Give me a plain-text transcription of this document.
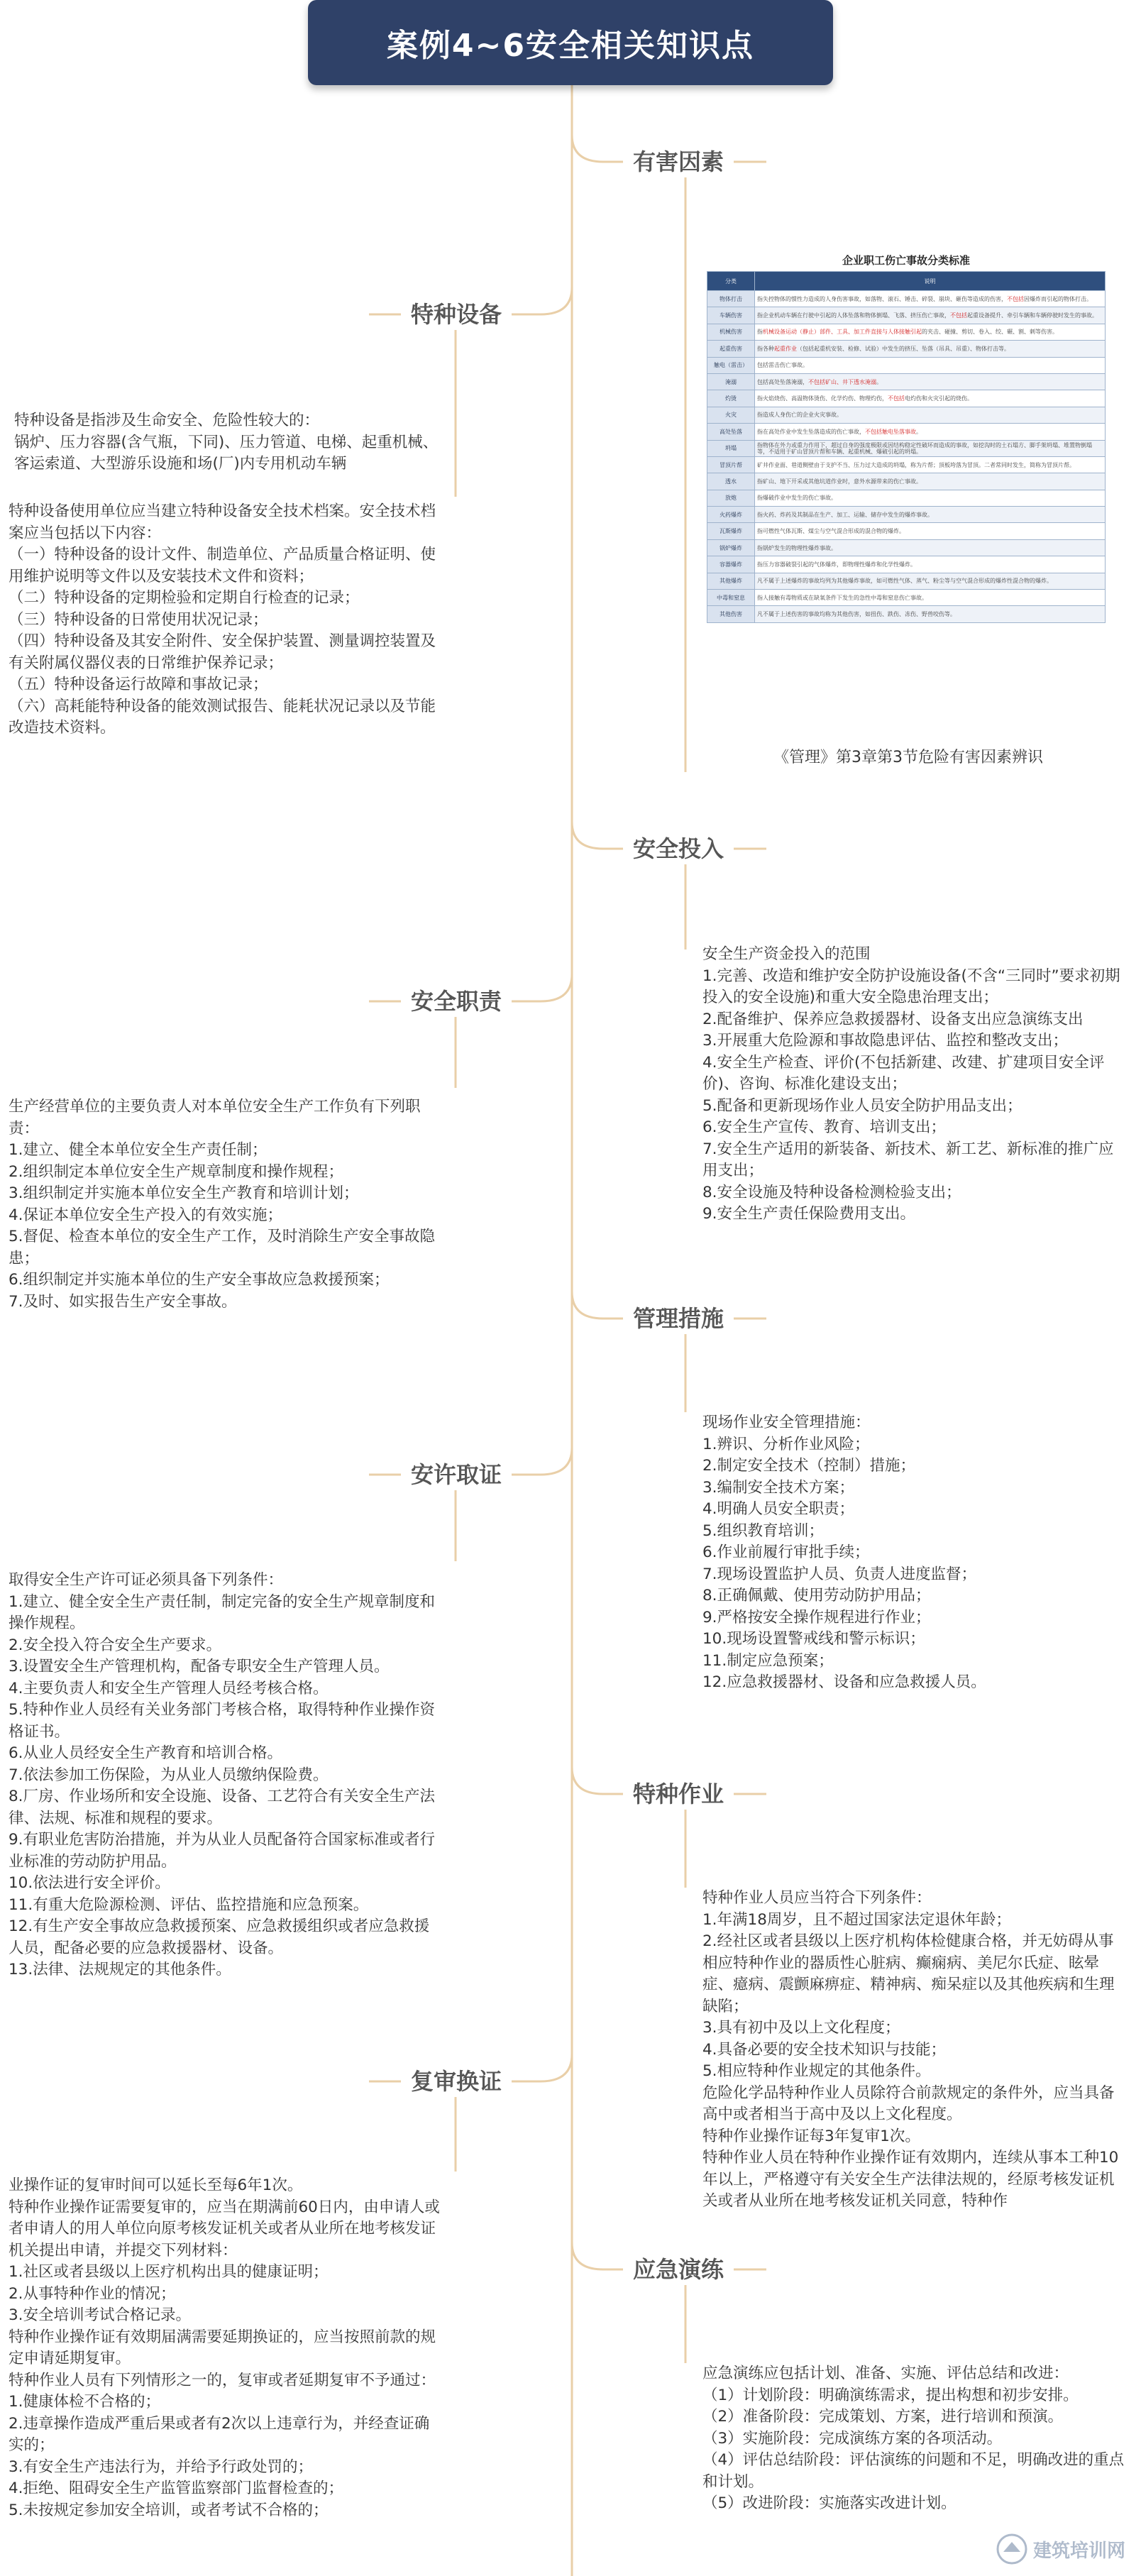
案例4~6安全相关知识点
有害因素
特种设备
安全投入
安全职责
管理措施
安许取证
特种作业
复审换证
应急演练
企业职工伤亡事故分类标准
分类	说明
物体打击	指失控物体的惯性力造成的人身伤害事故，如落物、滚石、锤击、碎裂、崩块、砸伤等造成的伤害，不包括因爆炸而引起的物体打击。
车辆伤害	指企业机动车辆在行驶中引起的人体坠落和物体倒塌、飞落、挤压伤亡事故，不包括起重设备提升、牵引车辆和车辆停驶时发生的事故。
机械伤害	指机械设备运动（静止）部件、工具、加工件直接与人体接触引起的夹击、碰撞、剪切、卷入、绞、碾、割、刺等伤害。
起重伤害	指各种起重作业（包括起重机安装、检修、试验）中发生的挤压、坠落（吊具、吊重）、物体打击等。
触电（雷击）	包括雷击伤亡事故。
淹溺	包括高处坠落淹溺，不包括矿山、井下透水淹溺。
灼烫	指火焰烧伤、高温物体烫伤、化学灼伤、物理灼伤，不包括电灼伤和火灾引起的烧伤。
火灾	指造成人身伤亡的企业火灾事故。
高处坠落	指在高处作业中发生坠落造成的伤亡事故，不包括触电坠落事故。
坍塌	指物体在外力或重力作用下，超过自身的强度极限或因结构稳定性破坏而造成的事故，如挖沟时的土石塌方、脚手架坍塌、堆置物倒塌等，不适用于矿山冒顶片帮和车辆、起重机械、爆破引起的坍塌。
冒顶片帮	矿井作业面、巷道侧壁由于支护不当、压力过大造成的坍塌，称为片帮；顶板垮落为冒顶。二者常同时发生，简称为冒顶片帮。
透水	指矿山、地下开采或其他坑道作业时，意外水源带来的伤亡事故。
放炮	指爆破作业中发生的伤亡事故。
火药爆炸	指火药、炸药及其制品在生产、加工、运输、储存中发生的爆炸事故。
瓦斯爆炸	指可燃性气体瓦斯、煤尘与空气混合形成的混合物的爆炸。
锅炉爆炸	指锅炉发生的物理性爆炸事故。
容器爆炸	指压力容器破裂引起的气体爆炸，即物理性爆炸和化学性爆炸。
其他爆炸	凡不属于上述爆炸的事故均列为其他爆炸事故，如可燃性气体、蒸气、粉尘等与空气混合形成的爆炸性混合物的爆炸。
中毒和窒息	指人接触有毒物质或在缺氧条件下发生的急性中毒和窒息伤亡事故。
其他伤害	凡不属于上述伤害的事故均称为其他伤害，如扭伤、跌伤、冻伤、野兽咬伤等。
《管理》第3章第3节危险有害因素辨识

特种设备是指涉及生命安全、危险性较大的：

锅炉、压力容器(含气瓶，下同)、压力管道、电梯、起重机械、客运索道、大型游乐设施和场(厂)内专用机动车辆

特种设备使用单位应当建立特种设备安全技术档案。安全技术档案应当包括以下内容：

（一）特种设备的设计文件、制造单位、产品质量合格证明、使用维护说明等文件以及安装技术文件和资料；

（二）特种设备的定期检验和定期自行检查的记录；

（三）特种设备的日常使用状况记录；

（四）特种设备及其安全附件、安全保护装置、测量调控装置及有关附属仪器仪表的日常维护保养记录；

（五）特种设备运行故障和事故记录；

（六）高耗能特种设备的能效测试报告、能耗状况记录以及节能改造技术资料。

安全生产资金投入的范围

1.完善、改造和维护安全防护设施设备(不含“三同时”要求初期投入的安全设施)和重大安全隐患治理支出；

2.配备维护、保养应急救援器材、设备支出应急演练支出

3.开展重大危险源和事故隐患评估、监控和整改支出；

4.安全生产检查、评价(不包括新建、改建、扩建项目安全评价)、咨询、标准化建设支出；

5.配备和更新现场作业人员安全防护用品支出；

6.安全生产宣传、教育、培训支出；

7.安全生产适用的新装备、新技术、新工艺、新标准的推广应用支出；

8.安全设施及特种设备检测检验支出；

9.安全生产责任保险费用支出。

生产经营单位的主要负责人对本单位安全生产工作负有下列职责：

1.建立、健全本单位安全生产责任制；

2.组织制定本单位安全生产规章制度和操作规程；

3.组织制定并实施本单位安全生产教育和培训计划；

4.保证本单位安全生产投入的有效实施；

5.督促、检查本单位的安全生产工作，及时消除生产安全事故隐患；

6.组织制定并实施本单位的生产安全事故应急救援预案；

7.及时、如实报告生产安全事故。

现场作业安全管理措施：

1.辨识、分析作业风险；

2.制定安全技术（控制）措施；

3.编制安全技术方案；

4.明确人员安全职责；

5.组织教育培训；

6.作业前履行审批手续；

7.现场设置监护人员、负责人进度监督；

8.正确佩戴、使用劳动防护用品；

9.严格按安全操作规程进行作业；

10.现场设置警戒线和警示标识；

11.制定应急预案；

12.应急救援器材、设备和应急救援人员。

取得安全生产许可证必须具备下列条件：

1.建立、健全安全生产责任制，制定完备的安全生产规章制度和操作规程。

2.安全投入符合安全生产要求。

3.设置安全生产管理机构，配备专职安全生产管理人员。

4.主要负责人和安全生产管理人员经考核合格。

5.特种作业人员经有关业务部门考核合格，取得特种作业操作资格证书。

6.从业人员经安全生产教育和培训合格。

7.依法参加工伤保险，为从业人员缴纳保险费。

8.厂房、作业场所和安全设施、设备、工艺符合有关安全生产法律、法规、标准和规程的要求。

9.有职业危害防治措施，并为从业人员配备符合国家标准或者行业标准的劳动防护用品。

10.依法进行安全评价。

11.有重大危险源检测、评估、监控措施和应急预案。

12.有生产安全事故应急救援预案、应急救援组织或者应急救援人员，配备必要的应急救援器材、设备。

13.法律、法规规定的其他条件。

特种作业人员应当符合下列条件：

1.年满18周岁，且不超过国家法定退休年龄；

2.经社区或者县级以上医疗机构体检健康合格，并无妨碍从事相应特种作业的器质性心脏病、癫痫病、美尼尔氏症、眩晕症、癔病、震颤麻痹症、精神病、痴呆症以及其他疾病和生理缺陷；

3.具有初中及以上文化程度；

4.具备必要的安全技术知识与技能；

5.相应特种作业规定的其他条件。

危险化学品特种作业人员除符合前款规定的条件外，应当具备高中或者相当于高中及以上文化程度。

特种作业操作证每3年复审1次。

特种作业人员在特种作业操作证有效期内，连续从事本工种10年以上，严格遵守有关安全生产法律法规的，经原考核发证机关或者从业所在地考核发证机关同意，特种作

业操作证的复审时间可以延长至每6年1次。

特种作业操作证需要复审的，应当在期满前60日内，由申请人或者申请人的用人单位向原考核发证机关或者从业所在地考核发证机关提出申请，并提交下列材料：

1.社区或者县级以上医疗机构出具的健康证明；

2.从事特种作业的情况；

3.安全培训考试合格记录。

特种作业操作证有效期届满需要延期换证的，应当按照前款的规定申请延期复审。

特种作业人员有下列情形之一的，复审或者延期复审不予通过：

1.健康体检不合格的；

2.违章操作造成严重后果或者有2次以上违章行为，并经查证确实的；

3.有安全生产违法行为，并给予行政处罚的；

4.拒绝、阻碍安全生产监管监察部门监督检查的；

5.未按规定参加安全培训，或者考试不合格的；

应急演练应包括计划、准备、实施、评估总结和改进：

（1）计划阶段：明确演练需求，提出构想和初步安排。

（2）准备阶段：完成策划、方案，进行培训和预演。

（3）实施阶段：完成演练方案的各项活动。

（4）评估总结阶段：评估演练的问题和不足，明确改进的重点和计划。

（5）改进阶段：实施落实改进计划。

建筑培训网
